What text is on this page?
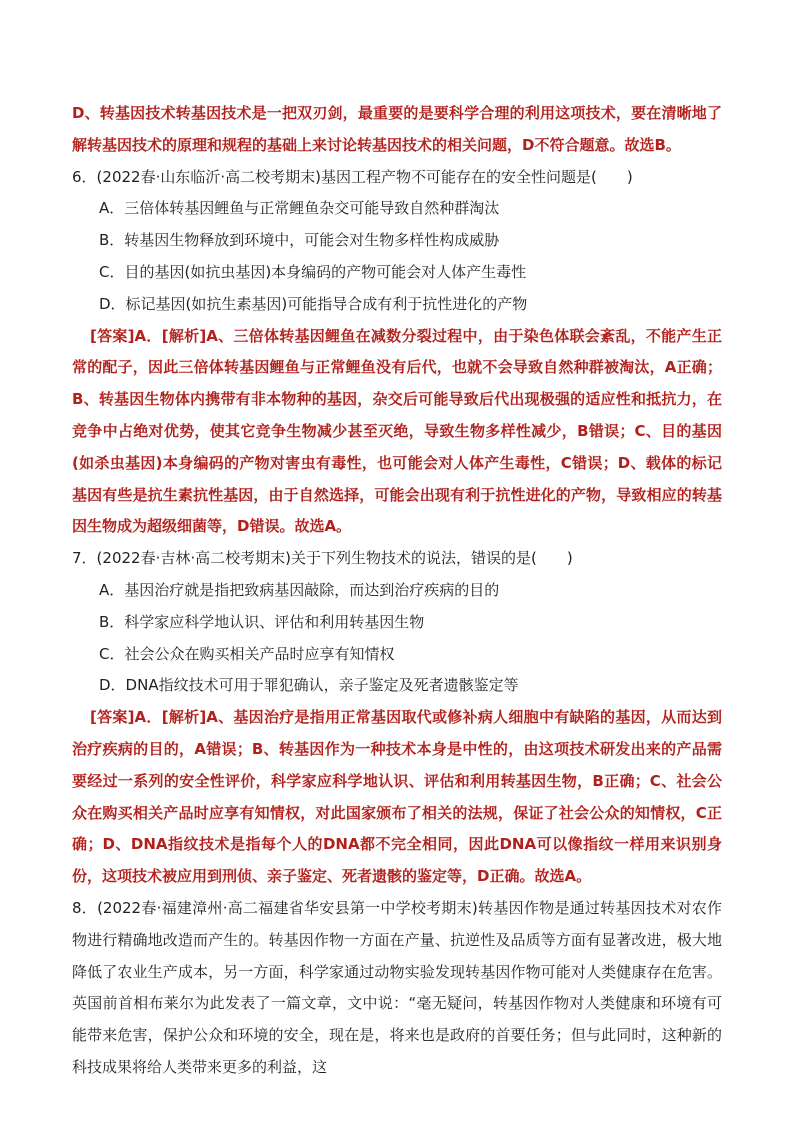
D、转基因技术转基因技术是一把双刃剑，最重要的是要科学合理的利用这项技术，要在清晰地了解转基因技术的原理和规程的基础上来讨论转基因技术的相关问题，D不符合题意。故选B。

6．(2022春·山东临沂·高二校考期末)基因工程产物不可能存在的安全性问题是(　　)

A．三倍体转基因鲤鱼与正常鲤鱼杂交可能导致自然种群淘汰

B．转基因生物释放到环境中，可能会对生物多样性构成威胁

C．目的基因(如抗虫基因)本身编码的产物可能会对人体产生毒性

D．标记基因(如抗生素基因)可能指导合成有利于抗性进化的产物

[答案]A．[解析]A、三倍体转基因鲤鱼在减数分裂过程中，由于染色体联会紊乱，不能产生正常的配子，因此三倍体转基因鲤鱼与正常鲤鱼没有后代，也就不会导致自然种群被淘汰，A正确；B、转基因生物体内携带有非本物种的基因，杂交后可能导致后代出现极强的适应性和抵抗力，在竞争中占绝对优势，使其它竞争生物减少甚至灭绝，导致生物多样性减少，B错误；C、目的基因(如杀虫基因)本身编码的产物对害虫有毒性，也可能会对人体产生毒性，C错误；D、载体的标记基因有些是抗生素抗性基因，由于自然选择，可能会出现有利于抗性进化的产物，导致相应的转基因生物成为超级细菌等，D错误。故选A。

7．(2022春·吉林·高二校考期末)关于下列生物技术的说法，错误的是(　　)

A．基因治疗就是指把致病基因敲除，而达到治疗疾病的目的

B．科学家应科学地认识、评估和利用转基因生物

C．社会公众在购买相关产品时应享有知情权

D．DNA指纹技术可用于罪犯确认，亲子鉴定及死者遗骸鉴定等

[答案]A．[解析]A、基因治疗是指用正常基因取代或修补病人细胞中有缺陷的基因，从而达到治疗疾病的目的，A错误；B、转基因作为一种技术本身是中性的，由这项技术研发出来的产品需要经过一系列的安全性评价，科学家应科学地认识、评估和利用转基因生物，B正确；C、社会公众在购买相关产品时应享有知情权，对此国家颁布了相关的法规，保证了社会公众的知情权，C正确；D、DNA指纹技术是指每个人的DNA都不完全相同，因此DNA可以像指纹一样用来识别身份，这项技术被应用到刑侦、亲子鉴定、死者遗骸的鉴定等，D正确。故选A。

8．(2022春·福建漳州·高二福建省华安县第一中学校考期末)转基因作物是通过转基因技术对农作物进行精确地改造而产生的。转基因作物一方面在产量、抗逆性及品质等方面有显著改进，极大地降低了农业生产成本，另一方面，科学家通过动物实验发现转基因作物可能对人类健康存在危害。英国前首相布莱尔为此发表了一篇文章，文中说：“毫无疑问，转基因作物对人类健康和环境有可能带来危害，保护公众和环境的安全，现在是，将来也是政府的首要任务；但与此同时，这种新的科技成果将给人类带来更多的利益，这
